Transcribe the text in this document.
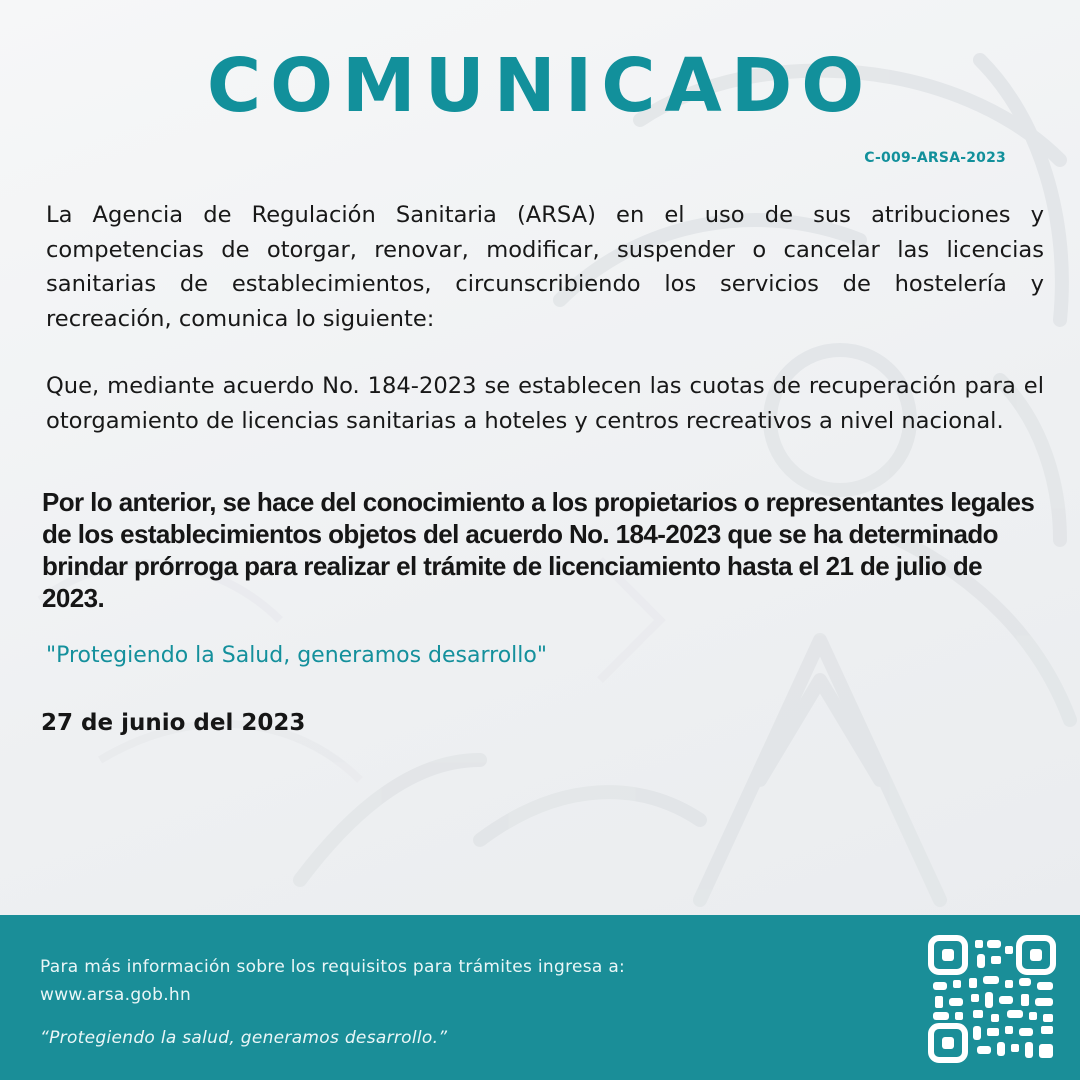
COMUNICADO
C-009-ARSA-2023

La Agencia de Regulación Sanitaria (ARSA) en el uso de sus atribuciones y competencias de otorgar, renovar, modificar, suspender o cancelar las licencias sanitarias de establecimientos, circunscribiendo los servicios de hostelería y recreación, comunica lo siguiente:

Que, mediante acuerdo No. 184-2023 se establecen las cuotas de recuperación para el otorgamiento de licencias sanitarias a hoteles y centros recreativos a nivel nacional.

Por lo anterior, se hace del conocimiento a los propietarios o representantes legales de los establecimientos objetos del acuerdo No. 184-2023 que se ha determinado brindar prórroga para realizar el trámite de licenciamiento hasta el 21 de julio de 2023.

"Protegiendo la Salud, generamos desarrollo"

27 de junio del 2023

Para más información sobre los requisitos para trámites ingresa a:

www.arsa.gob.hn

“Protegiendo la salud, generamos desarrollo.”
